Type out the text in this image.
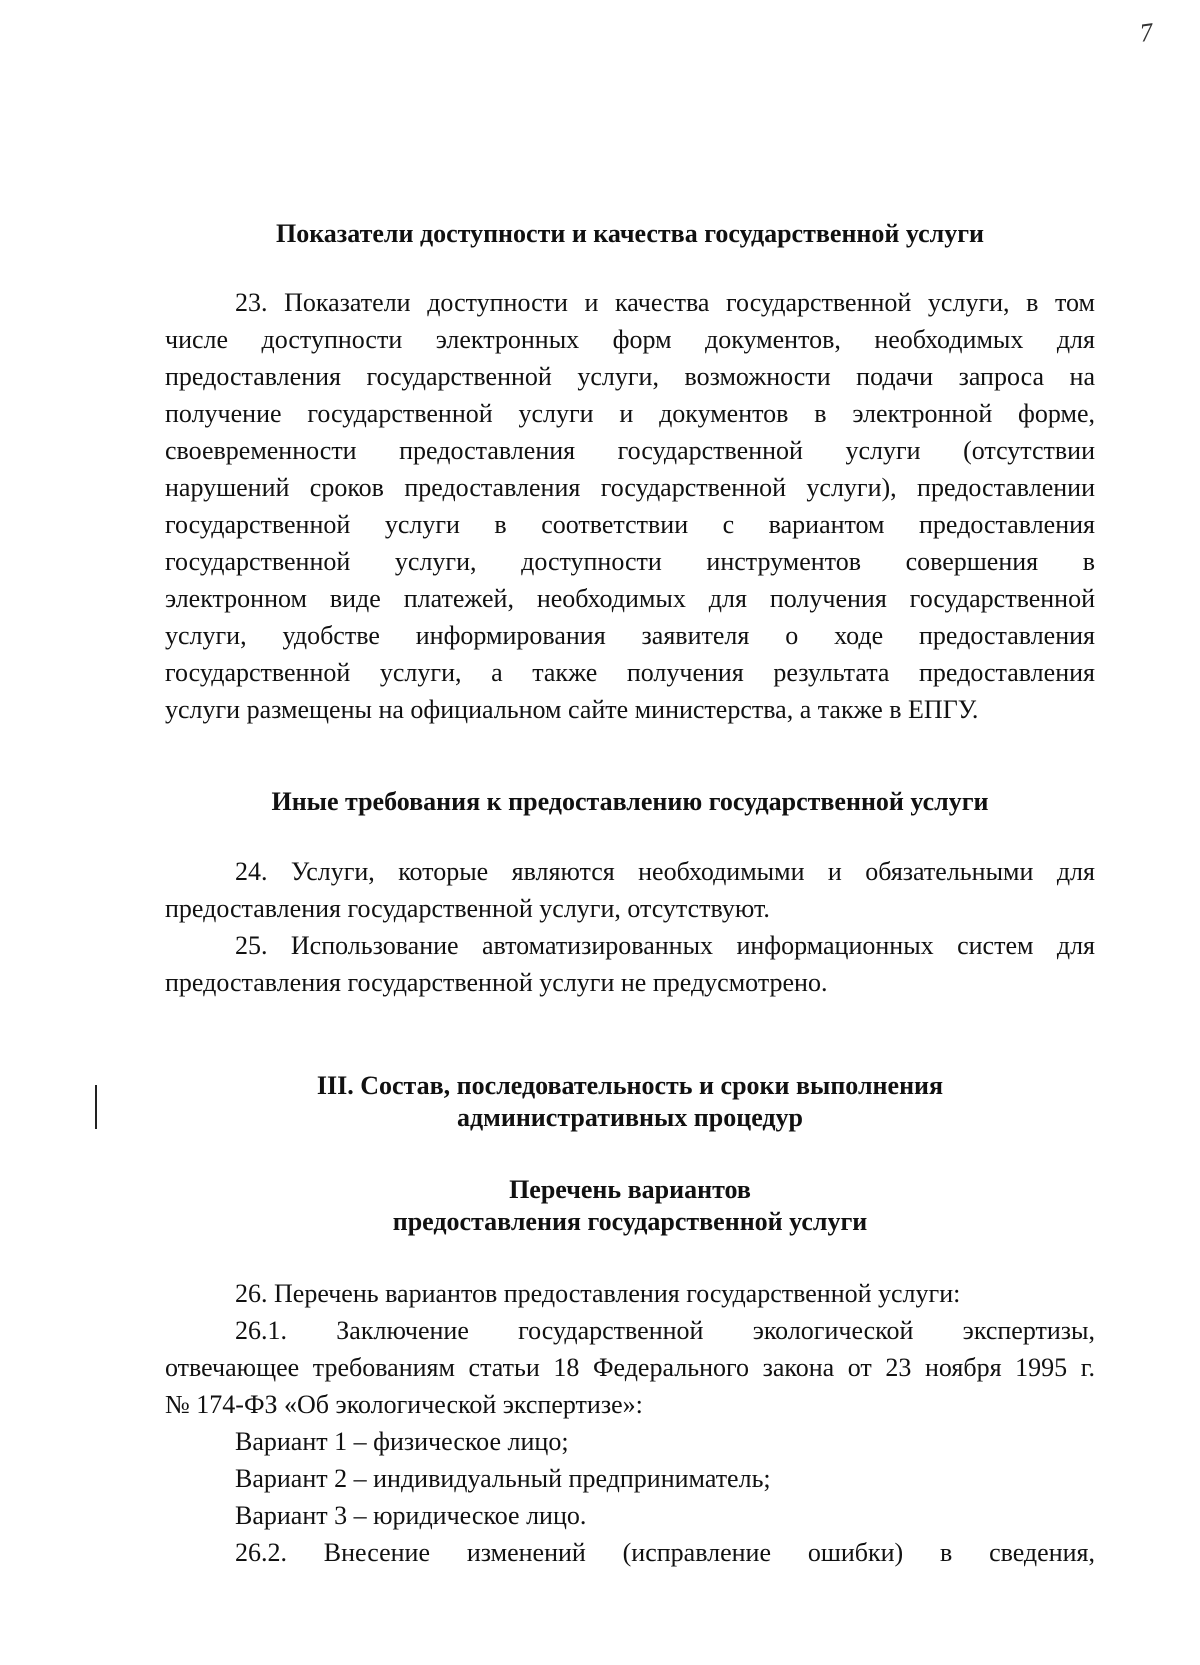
7
Показатели доступности и качества государственной услуги
23. Показатели доступности и качества государственной услуги, в том
числе доступности электронных форм документов, необходимых для
предоставления государственной услуги, возможности подачи запроса на
получение государственной услуги и документов в электронной форме,
своевременности предоставления государственной услуги (отсутствии
нарушений сроков предоставления государственной услуги), предоставлении
государственной услуги в соответствии с вариантом предоставления
государственной услуги, доступности инструментов совершения в
электронном виде платежей, необходимых для получения государственной
услуги, удобстве информирования заявителя о ходе предоставления
государственной услуги, а также получения результата предоставления
услуги размещены на официальном сайте министерства, а также в ЕПГУ.
Иные требования к предоставлению государственной услуги
24. Услуги, которые являются необходимыми и обязательными для
предоставления государственной услуги, отсутствуют.
25. Использование автоматизированных информационных систем для
предоставления государственной услуги не предусмотрено.
III. Состав, последовательность и сроки выполнения
административных процедур
Перечень вариантов
предоставления государственной услуги
26. Перечень вариантов предоставления государственной услуги:
26.1. Заключение государственной экологической экспертизы,
отвечающее требованиям статьи 18 Федерального закона от 23 ноября 1995 г.
№ 174-ФЗ «Об экологической экспертизе»:
Вариант 1 – физическое лицо;
Вариант 2 – индивидуальный предприниматель;
Вариант 3 – юридическое лицо.
26.2. Внесение изменений (исправление ошибки) в сведения,
